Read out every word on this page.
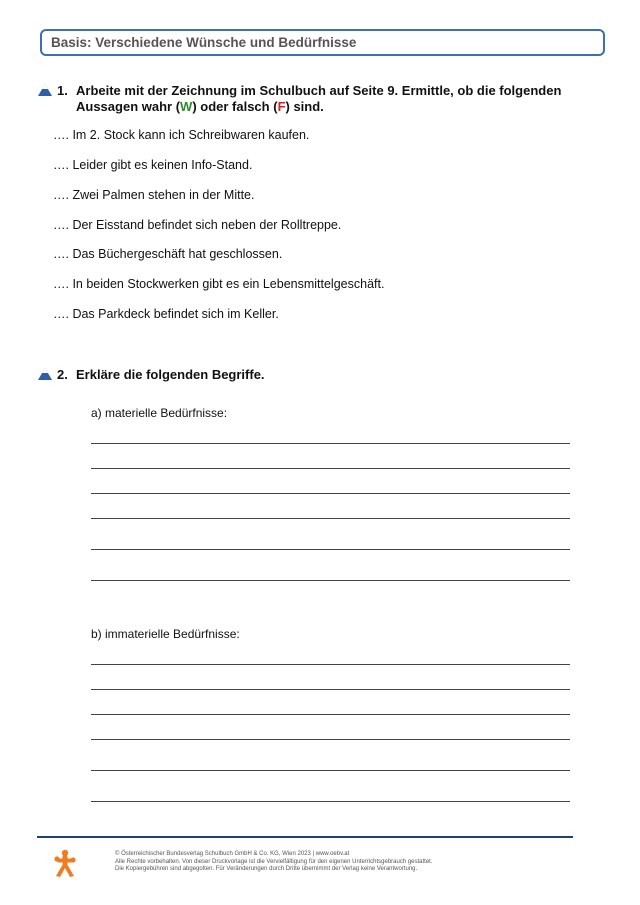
Basis: Verschiedene Wünsche und Bedürfnisse
1. Arbeite mit der Zeichnung im Schulbuch auf Seite 9. Ermittle, ob die folgenden
Aussagen wahr (W) oder falsch (F) sind.
…. Im 2. Stock kann ich Schreibwaren kaufen.
…. Leider gibt es keinen Info-Stand.
…. Zwei Palmen stehen in der Mitte.
…. Der Eisstand befindet sich neben der Rolltreppe.
…. Das Büchergeschäft hat geschlossen.
…. In beiden Stockwerken gibt es ein Lebensmittelgeschäft.
…. Das Parkdeck befindet sich im Keller.
2. Erkläre die folgenden Begriffe.
a) materielle Bedürfnisse:
b) immaterielle Bedürfnisse:
© Österreichischer Bundesverlag Schulbuch GmbH & Co. KG, Wien 2023 | www.oebv.at
Alle Rechte vorbehalten. Von dieser Druckvorlage ist die Vervielfältigung für den eigenen Unterrichtsgebrauch gestattet.
Die Kopiergebühren sind abgegolten. Für Veränderungen durch Dritte übernimmt der Verlag keine Verantwortung.
